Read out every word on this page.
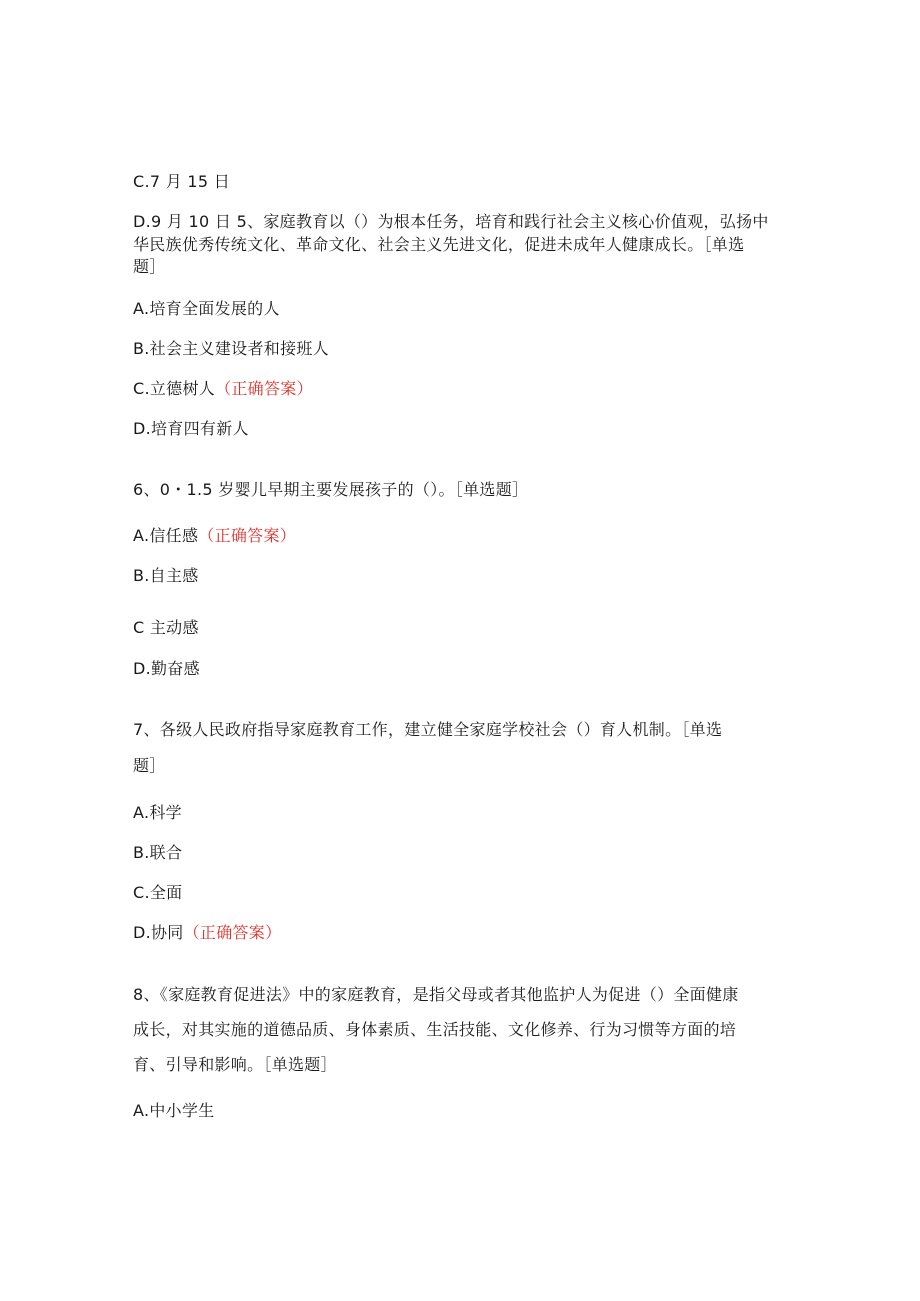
C.7 月 15 日
D.9 月 10 日 5、家庭教育以（）为根本任务，培育和践行社会主义核心价值观，弘扬中
华民族优秀传统文化、革命文化、社会主义先进文化，促进未成年人健康成长。［单选
题］
A.培育全面发展的人
B.社会主义建设者和接班人
C.立德树人（正确答案）
D.培育四有新人
6、0・1.5 岁婴儿早期主要发展孩子的（）。［单选题］
A.信任感（正确答案）
B.自主感
C 主动感
D.勤奋感
7、各级人民政府指导家庭教育工作，建立健全家庭学校社会（）育人机制。［单选
题］
A.科学
B.联合
C.全面
D.协同（正确答案）
8、《家庭教育促进法》中的家庭教育，是指父母或者其他监护人为促进（）全面健康
成长，对其实施的道德品质、身体素质、生活技能、文化修养、行为习惯等方面的培
育、引导和影响。［单选题］
A.中小学生
